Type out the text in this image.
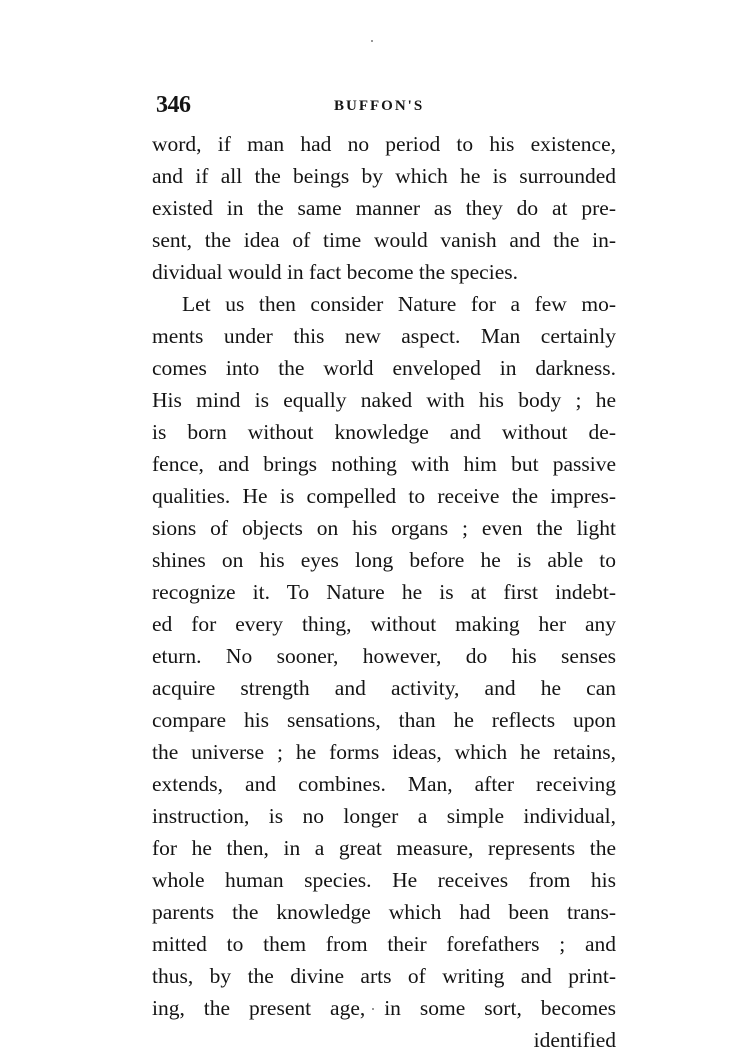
346	BUFFON'S
word, if man had no period to his existence,
and if all the beings by which he is surrounded
existed in the same manner as they do at pre-
sent, the idea of time would vanish and the in-
dividual would in fact become the species.
Let us then consider Nature for a few mo-
ments under this new aspect. Man certainly
comes into the world enveloped in darkness.
His mind is equally naked with his body ; he
is born without knowledge and without de-
fence, and brings nothing with him but passive
qualities. He is compelled to receive the impres-
sions of objects on his organs ; even the light
shines on his eyes long before he is able to
recognize it. To Nature he is at first indebt-
ed for every thing, without making her any
eturn. No sooner, however, do his senses
acquire strength and activity, and he can
compare his sensations, than he reflects upon
the universe ; he forms ideas, which he retains,
extends, and combines. Man, after receiving
instruction, is no longer a simple individual,
for he then, in a great measure, represents the
whole human species. He receives from his
parents the knowledge which had been trans-
mitted to them from their forefathers ; and
thus, by the divine arts of writing and print-
ing, the present age, in some sort, becomes
identified
